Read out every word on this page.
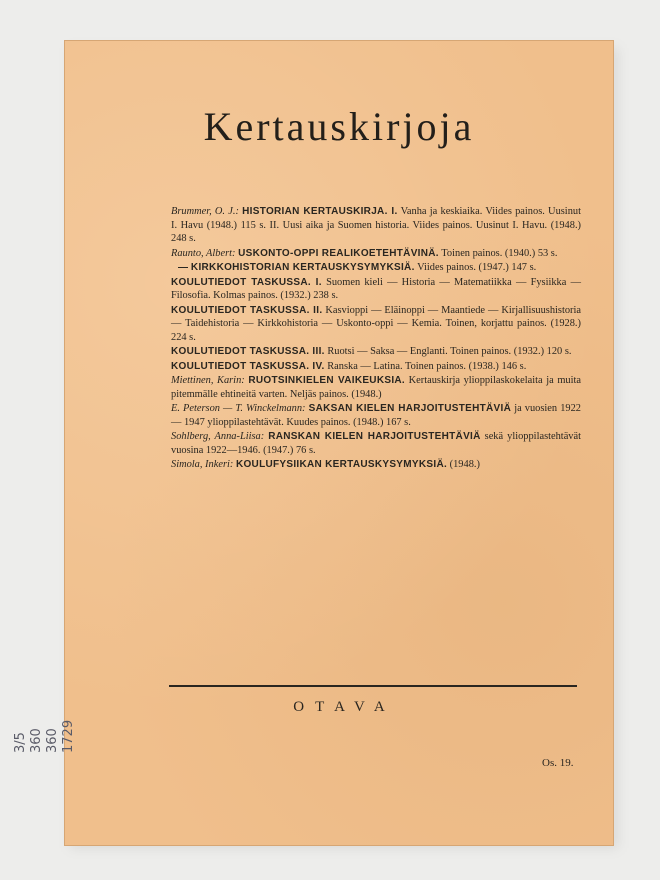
Kertauskirjoja
Brummer, O. J.: HISTORIAN KERTAUSKIRJA. I. Vanha ja keskiaika. Viides painos. Uusinut I. Havu (1948.) 115 s. II. Uusi aika ja Suomen historia. Viides painos. Uusinut I. Havu. (1948.) 248 s.
Raunto, Albert: USKONTO-OPPI REALIKOETEHTÄVINÄ. Toinen painos. (1940.) 53 s.
— KIRKKOHISTORIAN KERTAUSKYSYMYKSIÄ. Viides painos. (1947.) 147 s.
KOULUTIEDOT TASKUSSA. I. Suomen kieli — Historia — Matematiikka — Fysiikka — Filosofia. Kolmas painos. (1932.) 238 s.
KOULUTIEDOT TASKUSSA. II. Kasvioppi — Eläinoppi — Maantiede — Kirjallisuushistoria — Taidehistoria — Kirkkohistoria — Uskonto-oppi — Kemia. Toinen, korjattu painos. (1928.) 224 s.
KOULUTIEDOT TASKUSSA. III. Ruotsi — Saksa — Englanti. Toinen painos. (1932.) 120 s.
KOULUTIEDOT TASKUSSA. IV. Ranska — Latina. Toinen painos. (1938.) 146 s.
Miettinen, Karin: RUOTSINKIELEN VAIKEUKSIA. Kertauskirja ylioppilaskokelaita ja muita pitemmälle ehtineitä varten. Neljäs painos. (1948.)
E. Peterson — T. Winckelmann: SAKSAN KIELEN HARJOITUSTEHTÄVIÄ ja vuosien 1922 — 1947 ylioppilastehtävät. Kuudes painos. (1948.) 167 s.
Sohlberg, Anna-Liisa: RANSKAN KIELEN HARJOITUSTEHTÄVIÄ sekä ylioppilastehtävät vuosina 1922—1946. (1947.) 76 s.
Simola, Inkeri: KOULUFYSIIKAN KERTAUSKYSYMYKSIÄ. (1948.)
OTAVA
Os. 19.
3/5 360 360 1729
